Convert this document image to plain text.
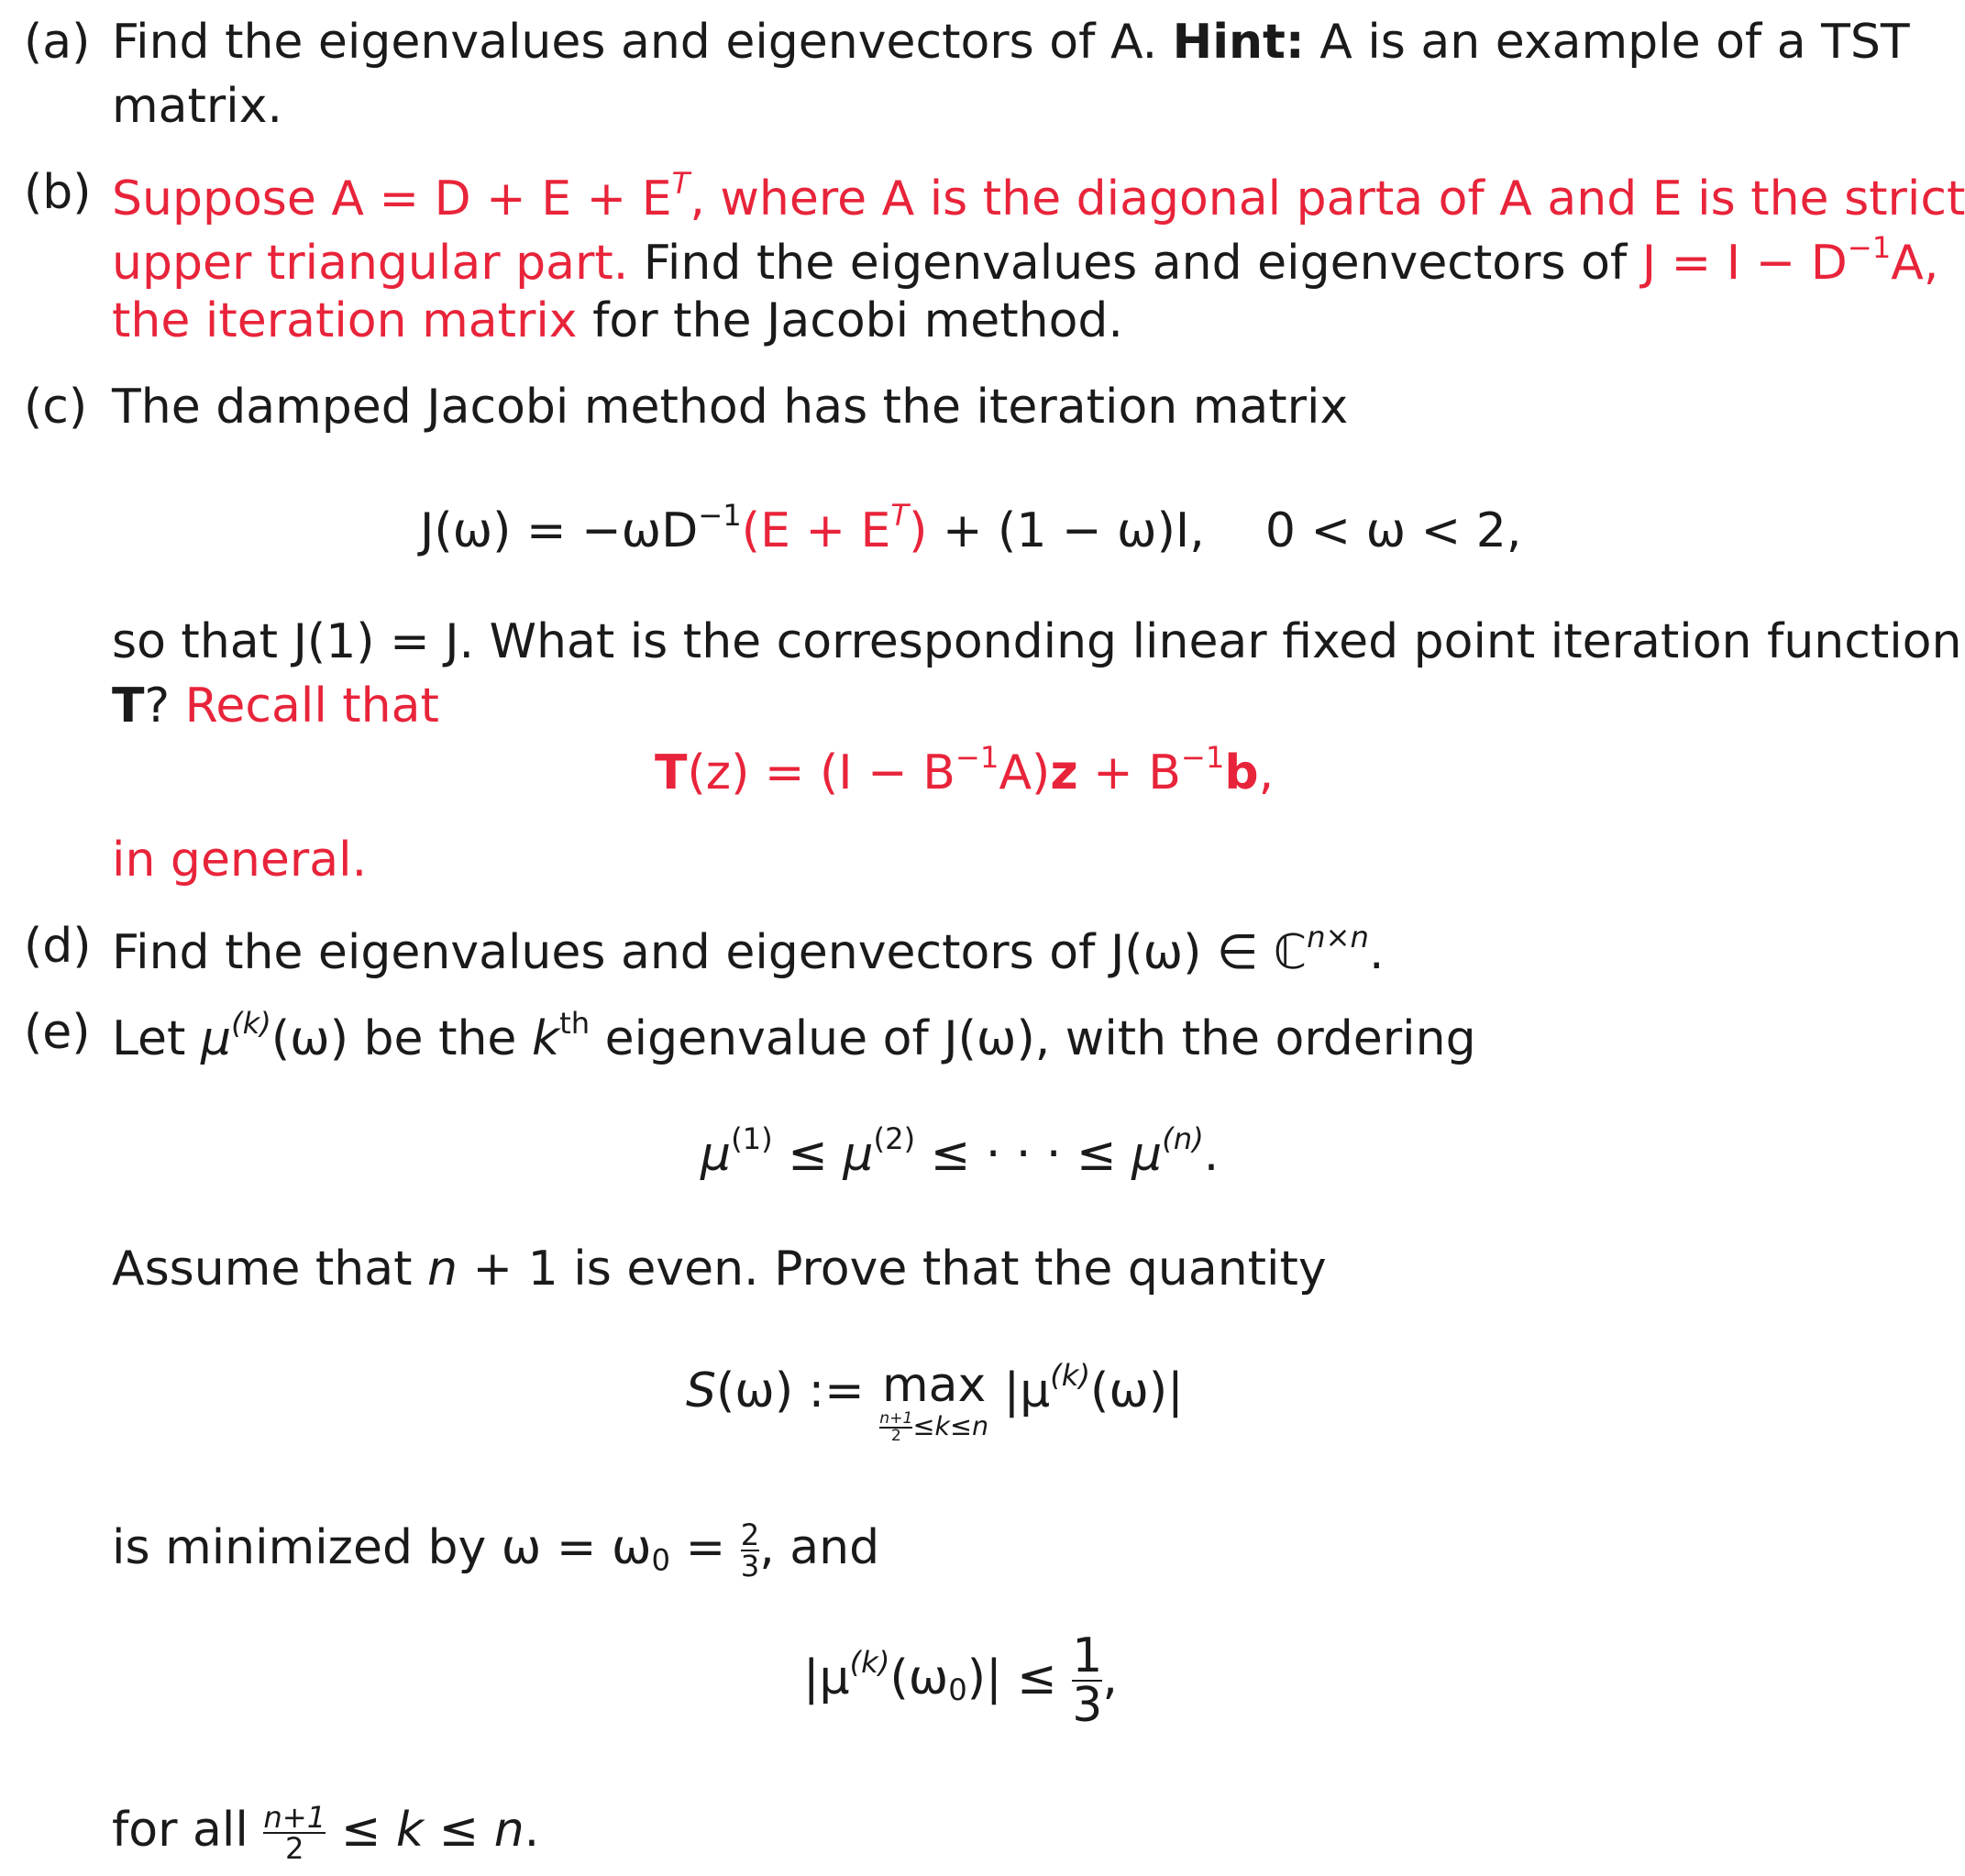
(a) Find the eigenvalues and eigenvectors of A. Hint: A is an example of a TST
matrix.
(b) Suppose $A = D + E + E^T$, where A is the diagonal parta of A and E is the strict
upper triangular part. Find the eigenvalues and eigenvectors of $J = I - D^{-1}A$,
the iteration matrix for the Jacobi method.
(c) The damped Jacobi method has the iteration matrix
$J(\omega) = -\omega D^{-1}(E + E^T) + (1 - \omega)I$, 0 < ω < 2,
so that J(1) = J. What is the corresponding linear fixed point iteration function
T? Recall that
$T(z) = (I - B^{-1}A)z + B^{-1}b$,
in general.
(d) Find the eigenvalues and eigenvectors of J(ω) ∈ ℂ$^{n\times n}$.
(e) Let $\mu^{(k)}(\omega)$ be the $k^{th}$ eigenvalue of J(ω), with the ordering
$\mu^{(1)} \le \mu^{(2)}$ ≤ · · · ≤ $\mu^{(n)}$.
Assume that n + 1 is even. Prove that the quantity
S(ω) := max
$\frac{n+1}{2} \le k\le n$
$|\mu^{(k)}(\omega)|$
is minimized by $\omega = \omega_0 = \frac{2}{3}$ , and
$|\mu^{(k)}(\omega_0)| \le \frac{1}{3}$ ,
for all $\frac{n+1}{2} \le k \le n$.
